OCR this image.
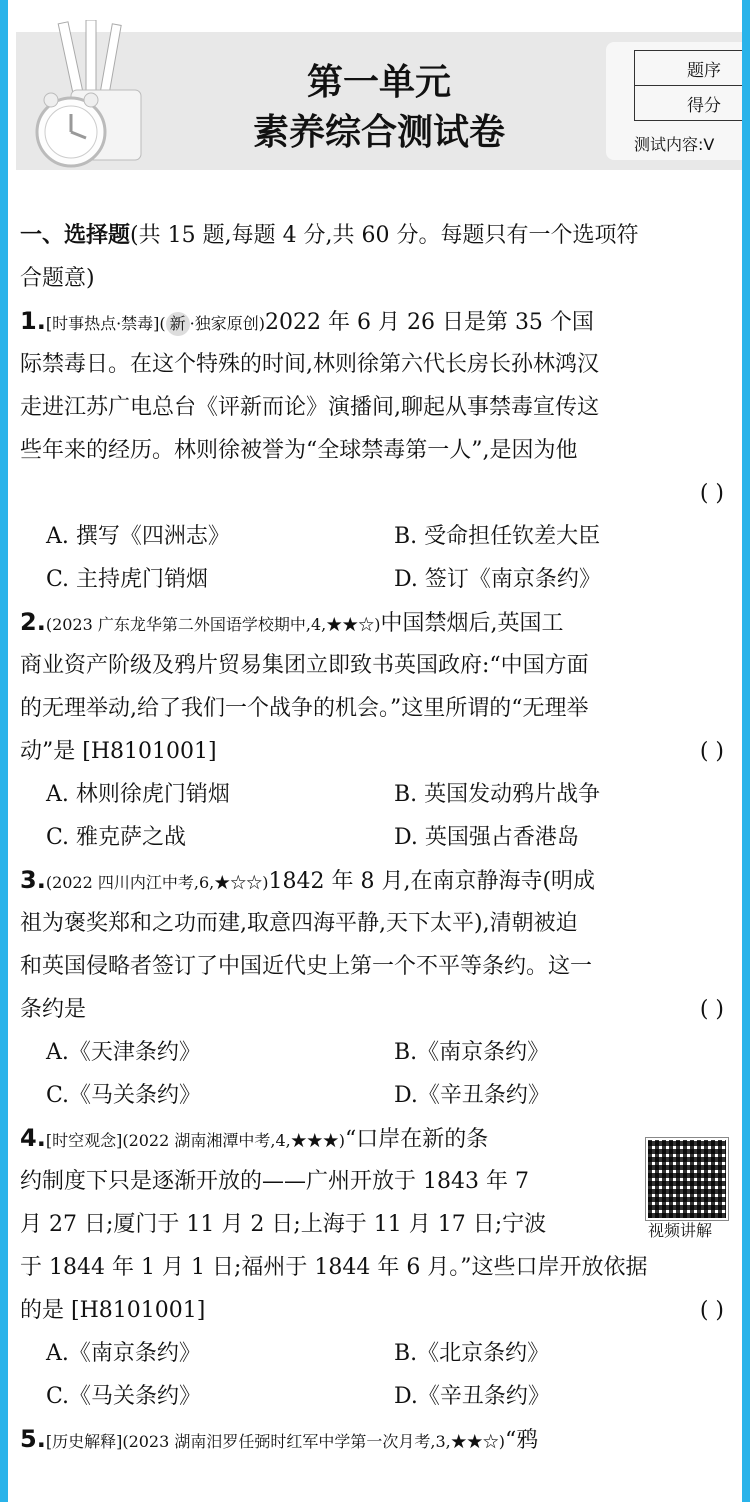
第一单元
素养综合测试卷
题序
得分
测试内容:V
一、选择题(共 15 题,每题 4 分,共 60 分。每题只有一个选项符
合题意)
1.[时事热点·禁毒]( 新 ·独家原创)2022 年 6 月 26 日是第 35 个国
际禁毒日。在这个特殊的时间,林则徐第六代长房长孙林鸿汉
走进江苏广电总台《评新而论》演播间,聊起从事禁毒宣传这
些年来的经历。林则徐被誉为“全球禁毒第一人”,是因为他
( )
A. 撰写《四洲志》	B. 受命担任钦差大臣
C. 主持虎门销烟	D. 签订《南京条约》
2.(2023 广东龙华第二外国语学校期中,4,★★☆)中国禁烟后,英国工
商业资产阶级及鸦片贸易集团立即致书英国政府:“中国方面
的无理举动,给了我们一个战争的机会。”这里所谓的“无理举
动”是 [H8101001]	( )
A. 林则徐虎门销烟	B. 英国发动鸦片战争
C. 雅克萨之战	D. 英国强占香港岛
3.(2022 四川内江中考,6,★☆☆)1842 年 8 月,在南京静海寺(明成
祖为褒奖郑和之功而建,取意四海平静,天下太平),清朝被迫
和英国侵略者签订了中国近代史上第一个不平等条约。这一
条约是	( )
A.《天津条约》	B.《南京条约》
C.《马关条约》	D.《辛丑条约》
4.[时空观念](2022 湖南湘潭中考,4,★★★)“口岸在新的条
约制度下只是逐渐开放的——广州开放于 1843 年 7
月 27 日;厦门于 11 月 2 日;上海于 11 月 17 日;宁波
于 1844 年 1 月 1 日;福州于 1844 年 6 月。”这些口岸开放依据
的是 [H8101001]	( )
A.《南京条约》	B.《北京条约》
C.《马关条约》	D.《辛丑条约》
5.[历史解释](2023 湖南汨罗任弼时红军中学第一次月考,3,★★☆)“鸦
视频讲解
